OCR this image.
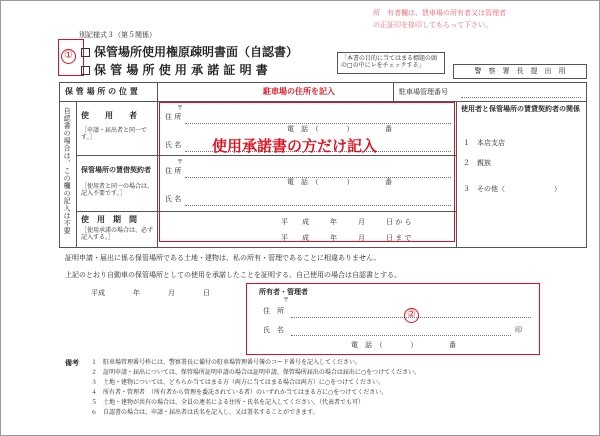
所　有者欄は、賃車場の所有者又は管理者
の正証印を捺印してもらって下さい。
別記様式３（第５関係）
①	保管場所使用権原疎明書面（自認書）
保 管 場 所 使 用 承 諾 証 明 書
「本書の目的に当てはまる標題の頭の□の中にレをチェックする」
警　察　署　長　提　出　用
保 管 場 所 の 位 置	駐車場管理番号
自認書の場合は、この欄の記入は不要	使用者と保管場所の賃貸契約者の関係
１　本店支店
２　親族
３　その他（　　　　　　　）
使　　用　　者
［申請・届出者と同一です。］
〒
住 所
電　話　（　　　　）　　　　　番
氏 名
保管場所の賃借契約者
［使用者と同一の場合は、記入不要です。］
〒
住 所
電　話　（　　　　）　　　　　番
氏 名
使　用　期　間
［使用承諾の場合は、必ず記入する。］
平　　成　　　年　　　月　　　日 か ら
平　　成　　　年　　　月　　　日 ま で
駐車場の住所を記入
使用承諾書の方だけ記入
証明申請・届出に係る保管場所である土地・建物は、私の所有・管理であることに相違ありません。
上記のとおり自動車の保管場所としての使用を承諾したことを証明する。自己使用の場合は自認書とする。
平成　　　　年　　　　月　　　　日	所有者・管理者
〒
住　所	②
氏　名	印
電　話　（　　　　）　　　　　番
備考 １　駐車場管理番号枠には、警察署長に備付の駐車場管理番号簿のコード番号を記入してください。
２　証明申請・届出については、保管場所証明申請の場合は証明申請、保管場所届出の場合は届出に○をつけてください。
３　土地・建物については、どちらか当てはまる方（両方に当てはまる場合は両方）に○をつけてください。
４　所有者・管理者　（所有者から管理を委託されている者）のいずれか当てはまる方に○をつけてください。
５　土地・建物が共有の場合は、全員の連名による住所・氏名を記入してください。（代表者でも可）
６　自認書の場合は、申請・届出者は氏名を記入し、又は署名することができます。
